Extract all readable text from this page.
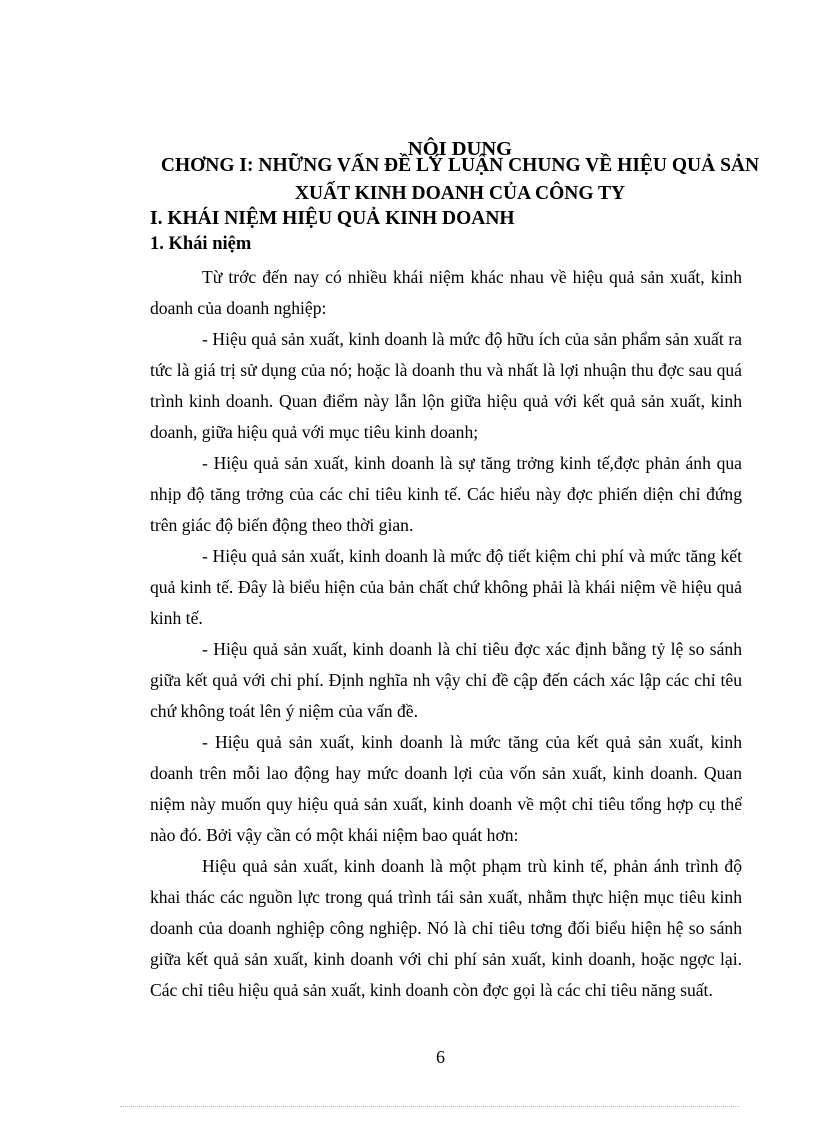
NỘI DUNG
CHƠNG I: NHỮNG VẤN ĐỀ LÝ LUẬN CHUNG VỀ HIỆU QUẢ SẢN
XUẤT KINH DOANH CỦA CÔNG TY
I. KHÁI NIỆM HIỆU QUẢ KINH DOANH
1. Khái niệm

Từ trớc đến nay có nhiều khái niệm khác nhau về hiệu quả sản xuất, kinh doanh của doanh nghiệp:

- Hiệu quả sản xuất, kinh doanh là mức độ hữu ích của sản phẩm sản xuất ra tức là giá trị sử dụng của nó; hoặc là doanh thu và nhất là lợi nhuận thu đợc sau quá trình kinh doanh. Quan điểm này lẫn lộn giữa hiệu quả với kết quả sản xuất, kinh doanh, giữa hiệu quả với mục tiêu kinh doanh;

- Hiệu quả sản xuất, kinh doanh là sự tăng trởng kinh tế,đợc phản ánh qua nhịp độ tăng trởng của các chỉ tiêu kinh tế. Các hiểu này đợc phiến diện chỉ đứng trên giác độ biến động theo thời gian.

- Hiệu quả sản xuất, kinh doanh là mức độ tiết kiệm chi phí và mức tăng kết quả kinh tế. Đây là biểu hiện của bản chất chứ không phải là khái niệm về hiệu quả kinh tế.

- Hiệu quả sản xuất, kinh doanh là chỉ tiêu đợc xác định bằng tỷ lệ so sánh giữa kết quả với chi phí. Định nghĩa nh vậy chỉ đề cập đến cách xác lập các chỉ têu chứ không toát lên ý niệm của vấn đề.

- Hiệu quả sản xuất, kinh doanh là mức tăng của kết quả sản xuất, kinh doanh trên mỗi lao động hay mức doanh lợi của vốn sản xuất, kinh doanh. Quan niệm này muốn quy hiệu quả sản xuất, kinh doanh về một chỉ tiêu tổng hợp cụ thể nào đó. Bởi vậy cần có một khái niệm bao quát hơn:

Hiệu quả sản xuất, kinh doanh là một phạm trù kinh tế, phản ánh trình độ khai thác các nguồn lực trong quá trình tái sản xuất, nhằm thực hiện mục tiêu kinh doanh của doanh nghiệp công nghiệp. Nó là chỉ tiêu tơng đối biểu hiện hệ so sánh giữa kết quả sản xuất, kinh doanh với chi phí sản xuất, kinh doanh, hoặc ngợc lại. Các chỉ tiêu hiệu quả sản xuất, kinh doanh còn đợc gọi là các chỉ tiêu năng suất.

6
